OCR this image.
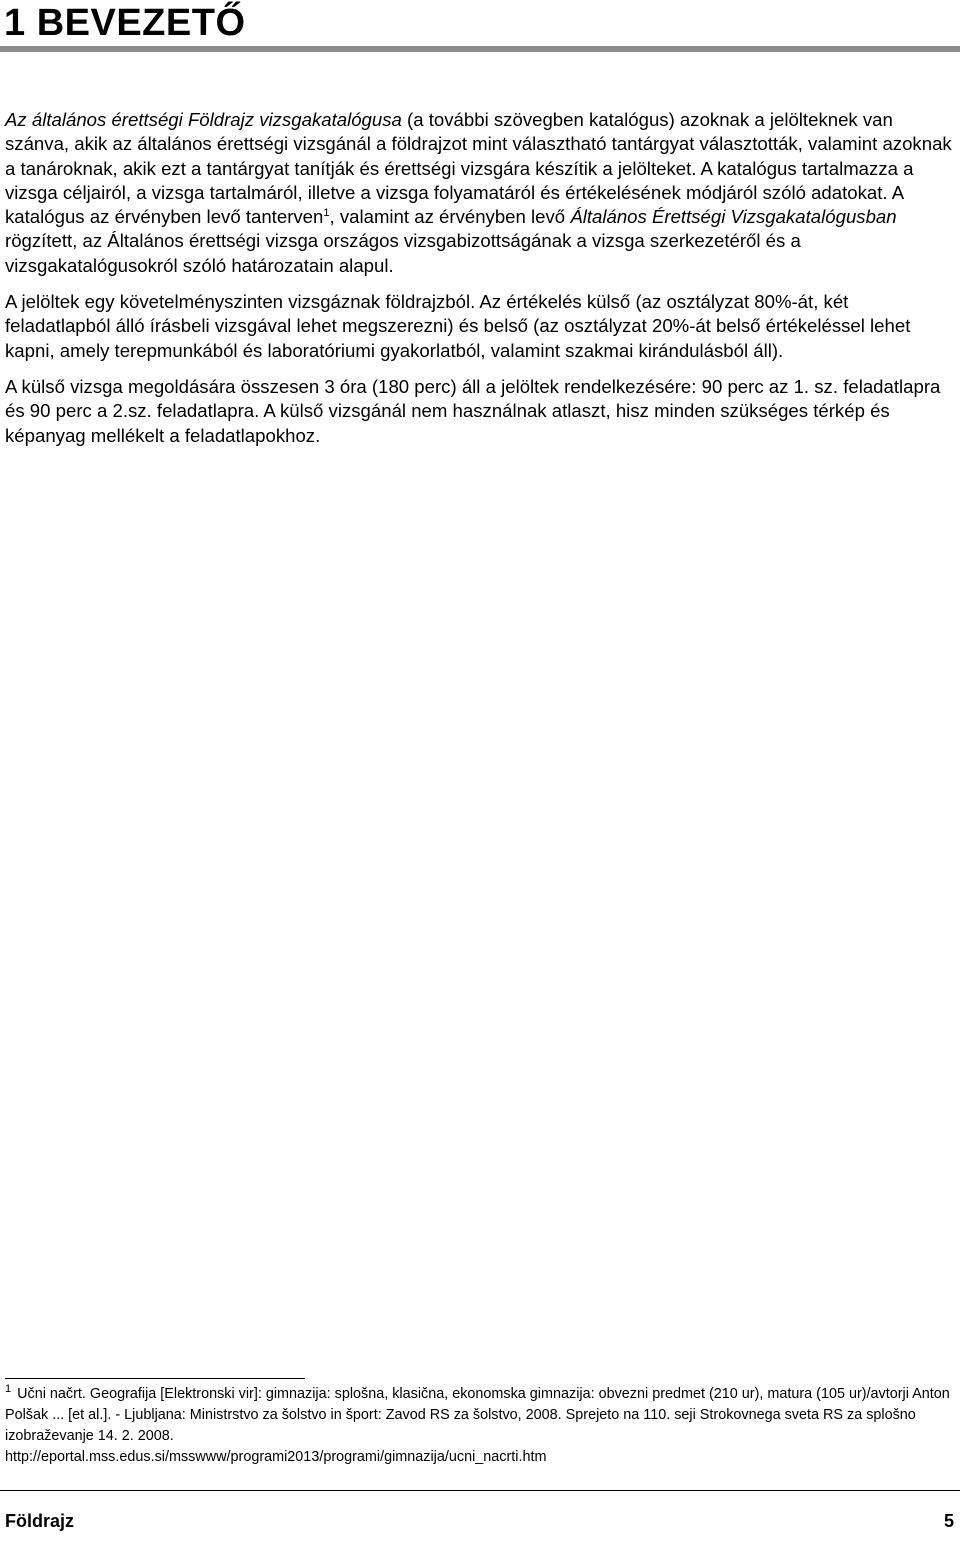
1 BEVEZETŐ

Az általános érettségi Földrajz vizsgakatalógusa (a további szövegben katalógus) azoknak a jelölteknek van szánva, akik az általános érettségi vizsgánál a földrajzot mint választható tantárgyat választották, valamint azoknak a tanároknak, akik ezt a tantárgyat tanítják és érettségi vizsgára készítik a jelölteket. A katalógus tartalmazza a vizsga céljairól, a vizsga tartalmáról, illetve a vizsga folyamatáról és értékelésének módjáról szóló adatokat. A katalógus az érvényben levő tanterven$^1$, valamint az érvényben levő Általános Érettségi Vizsgakatalógusban rögzített, az Általános érettségi vizsga országos vizsgabizottságának a vizsga szerkezetéről és a vizsgakatalógusokról szóló határozatain alapul.

A jelöltek egy követelményszinten vizsgáznak földrajzból. Az értékelés külső (az osztályzat 80%-át, két feladatlapból álló írásbeli vizsgával lehet megszerezni) és belső (az osztályzat 20%-át belső értékeléssel lehet kapni, amely terepmunkából és laboratóriumi gyakorlatból, valamint szakmai kirándulásból áll).

A külső vizsga megoldására összesen 3 óra (180 perc) áll a jelöltek rendelkezésére: 90 perc az 1. sz. feladatlapra és 90 perc a 2.sz. feladatlapra. A külső vizsgánál nem használnak atlaszt, hisz minden szükséges térkép és képanyag mellékelt a feladatlapokhoz.

$^1$ Učni načrt. Geografija [Elektronski vir]: gimnazija: splošna, klasična, ekonomska gimnazija: obvezni predmet (210 ur), matura (105 ur)/avtorji Anton Polšak ... [et al.]. - Ljubljana: Ministrstvo za šolstvo in šport: Zavod RS za šolstvo, 2008. Sprejeto na 110. seji Strokovnega sveta RS za splošno izobraževanje 14. 2. 2008.

http://eportal.mss.edus.si/msswww/programi2013/programi/gimnazija/ucni_nacrti.htm

Földrajz	5
